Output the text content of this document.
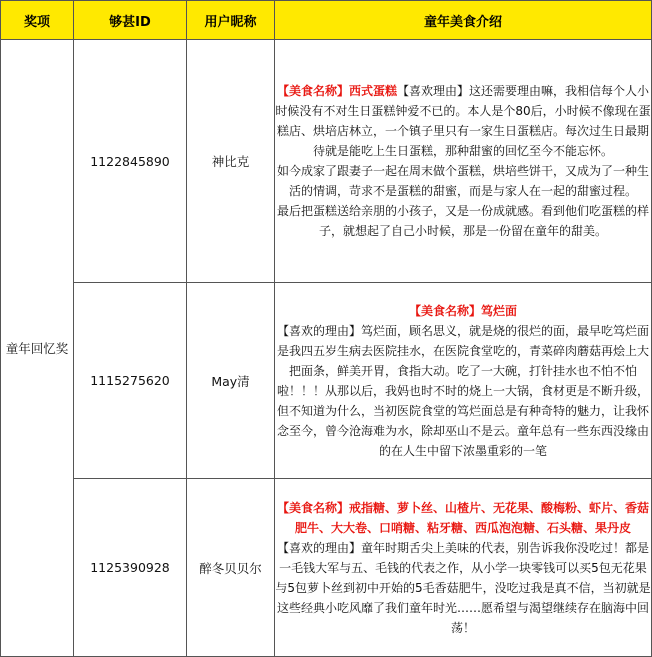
奖项	够甚ID	用户昵称	童年美食介绍
童年回忆奖	1122845890	神比克	【美食名称】西式蛋糕【喜欢理由】这还需要理由嘛，我相信每个人小时候没有不对生日蛋糕钟爱不已的。本人是个80后，小时候不像现在蛋糕店、烘培店林立，一个镇子里只有一家生日蛋糕店。每次过生日最期待就是能吃上生日蛋糕，那种甜蜜的回忆至今不能忘怀。

如今成家了跟妻子一起在周末做个蛋糕，烘培些饼干，又成为了一种生活的情调，苛求不是蛋糕的甜蜜，而是与家人在一起的甜蜜过程。

最后把蛋糕送给亲朋的小孩子，又是一份成就感。看到他们吃蛋糕的样子，就想起了自己小时候，那是一份留在童年的甜美。

	1115275620	May清	【美食名称】笃烂面

【喜欢的理由】笃烂面，顾名思义，就是烧的很烂的面，最早吃笃烂面是我四五岁生病去医院挂水，在医院食堂吃的，青菜碎肉蘑菇再烩上大把面条，鲜美开胃，食指大动。吃了一大碗，打针挂水也不怕不怕啦！！！从那以后，我妈也时不时的烧上一大锅，食材更是不断升级，但不知道为什么，当初医院食堂的笃烂面总是有种奇特的魅力，让我怀念至今，曾今沧海难为水，除却巫山不是云。童年总有一些东西没缘由的在人生中留下浓墨重彩的一笔

	1125390928	醉冬贝贝尔	【美食名称】戒指糖、萝卜丝、山楂片、无花果、酸梅粉、虾片、香菇肥牛、大大卷、口哨糖、粘牙糖、西瓜泡泡糖、石头糖、果丹皮

【喜欢的理由】童年时期舌尖上美味的代表，别告诉我你没吃过！都是一毛钱大军与五、毛钱的代表之作，从小学一块零钱可以买5包无花果与5包萝卜丝到初中开始的5毛香菇肥牛，没吃过我是真不信，当初就是这些经典小吃风靡了我们童年时光……愿希望与渴望继续存在脑海中回荡！
